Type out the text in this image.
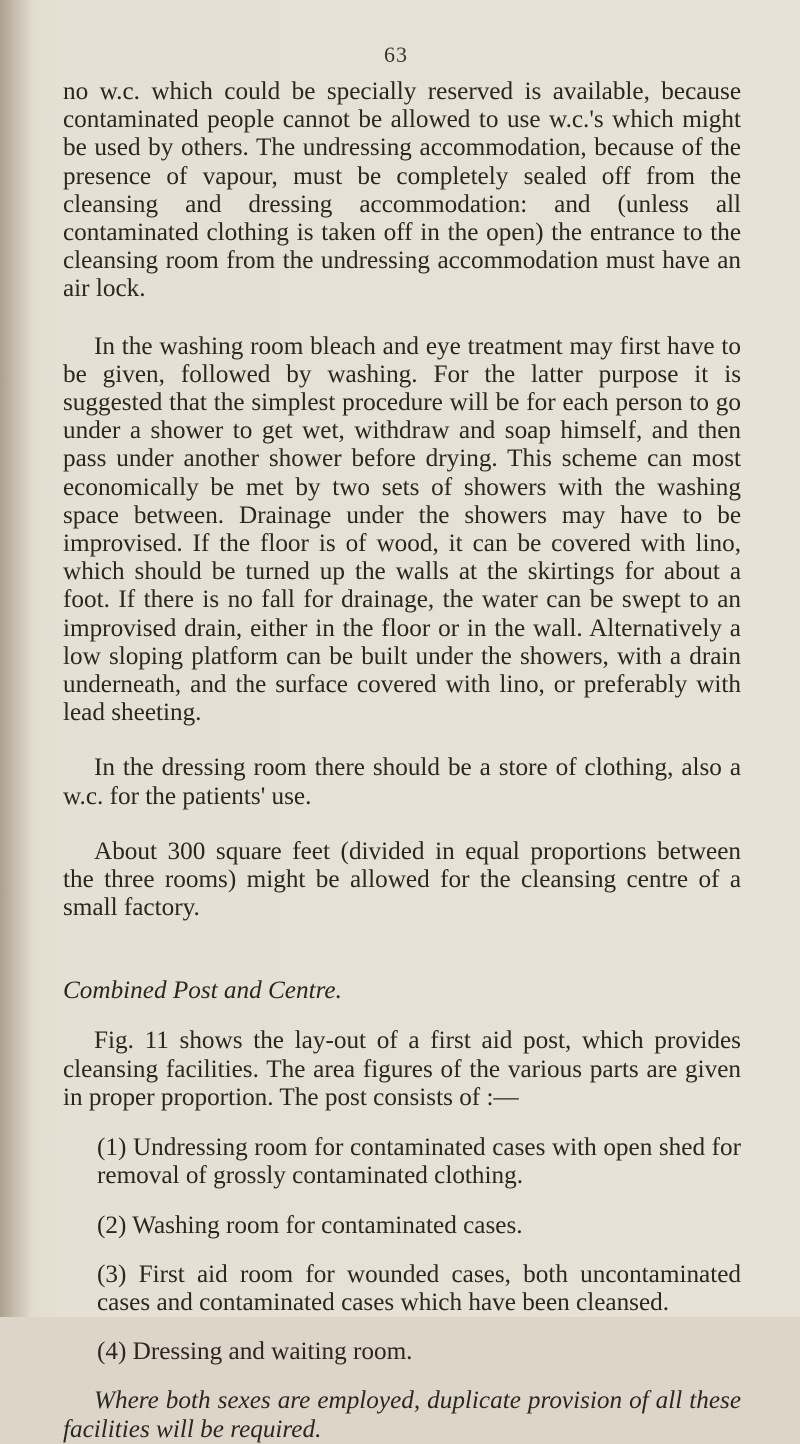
63

no w.c. which could be specially reserved is available, because contaminated people cannot be allowed to use w.c.'s which might be used by others. The undressing accommodation, because of the presence of vapour, must be completely sealed off from the cleansing and dressing accommodation: and (unless all contaminated clothing is taken off in the open) the entrance to the cleansing room from the undressing accommodation must have an air lock.

In the washing room bleach and eye treatment may first have to be given, followed by washing. For the latter purpose it is suggested that the simplest procedure will be for each person to go under a shower to get wet, withdraw and soap himself, and then pass under another shower before drying. This scheme can most economically be met by two sets of showers with the washing space between. Drainage under the showers may have to be improvised. If the floor is of wood, it can be covered with lino, which should be turned up the walls at the skirtings for about a foot. If there is no fall for drainage, the water can be swept to an improvised drain, either in the floor or in the wall. Alternatively a low sloping platform can be built under the showers, with a drain underneath, and the surface covered with lino, or preferably with lead sheeting.

In the dressing room there should be a store of clothing, also a w.c. for the patients' use.

About 300 square feet (divided in equal proportions between the three rooms) might be allowed for the cleansing centre of a small factory.

Combined Post and Centre.

Fig. 11 shows the lay-out of a first aid post, which provides cleansing facilities. The area figures of the various parts are given in proper proportion. The post consists of :—

(1) Undressing room for contaminated cases with open shed for removal of grossly contaminated clothing.
(2) Washing room for contaminated cases.
(3) First aid room for wounded cases, both uncontaminated cases and contaminated cases which have been cleansed.
(4) Dressing and waiting room.

Where both sexes are employed, duplicate provision of all these facilities will be required.
